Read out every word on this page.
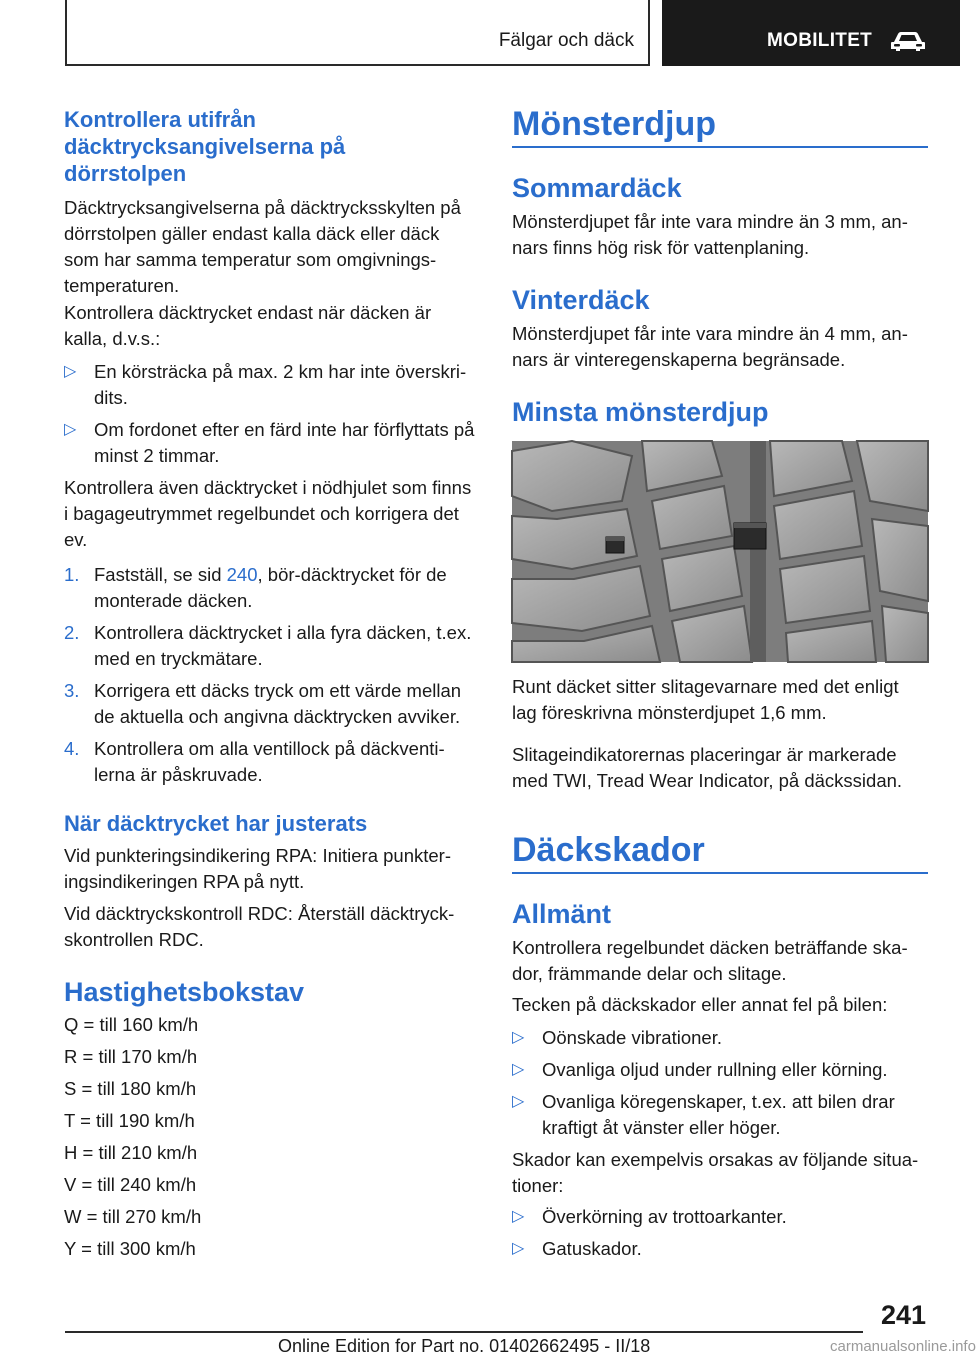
Fälgar och däck	MOBILITET
Kontrollera utifrån däcktrycksangivelserna på dörrstolpen
Däcktrycksangivelserna på däcktrycksskylten på dörrstolpen gäller endast kalla däck eller däck som har samma temperatur som omgivningstemperaturen.
Kontrollera däcktrycket endast när däcken är kalla, d.v.s.:
▷ En körsträcka på max. 2 km har inte överskridits.
▷ Om fordonet efter en färd inte har förflyttats på minst 2 timmar.
Kontrollera även däcktrycket i nödhjulet som finns i bagageutrymmet regelbundet och korrigera det ev.
1. Fastställ, se sid 240, bör-däcktrycket för de monterade däcken.
2. Kontrollera däcktrycket i alla fyra däcken, t.ex. med en tryckmätare.
3. Korrigera ett däcks tryck om ett värde mellan de aktuella och angivna däcktrycken avviker.
4. Kontrollera om alla ventillock på däckventilerna är påskruvade.
När däcktrycket har justerats
Vid punkteringsindikering RPA: Initiera punkteringsindikeringen RPA på nytt.
Vid däcktryckskontroll RDC: Återställ däcktryckskontrollen RDC.
Hastighetsbokstav
Q = till 160 km/h
R = till 170 km/h
S = till 180 km/h
T = till 190 km/h
H = till 210 km/h
V = till 240 km/h
W = till 270 km/h
Y = till 300 km/h
Mönsterdjup
Sommardäck
Mönsterdjupet får inte vara mindre än 3 mm, annars finns hög risk för vattenplaning.
Vinterdäck
Mönsterdjupet får inte vara mindre än 4 mm, annars är vinteregenskaperna begränsade.
Minsta mönsterdjup
Runt däcket sitter slitagevarnare med det enligt lag föreskrivna mönsterdjupet 1,6 mm.
Slitageindikatorernas placeringar är markerade med TWI, Tread Wear Indicator, på däckssidan.
Däckskador
Allmänt
Kontrollera regelbundet däcken beträffande skador, främmande delar och slitage.
Tecken på däckskador eller annat fel på bilen:
▷ Oönskade vibrationer.
▷ Ovanliga oljud under rullning eller körning.
▷ Ovanliga köregenskaper, t.ex. att bilen drar kraftigt åt vänster eller höger.
Skador kan exempelvis orsakas av följande situationer:
▷ Överkörning av trottoarkanter.
▷ Gatuskador.
241
Online Edition for Part no. 01402662495 - II/18	carmanualsonline.info
